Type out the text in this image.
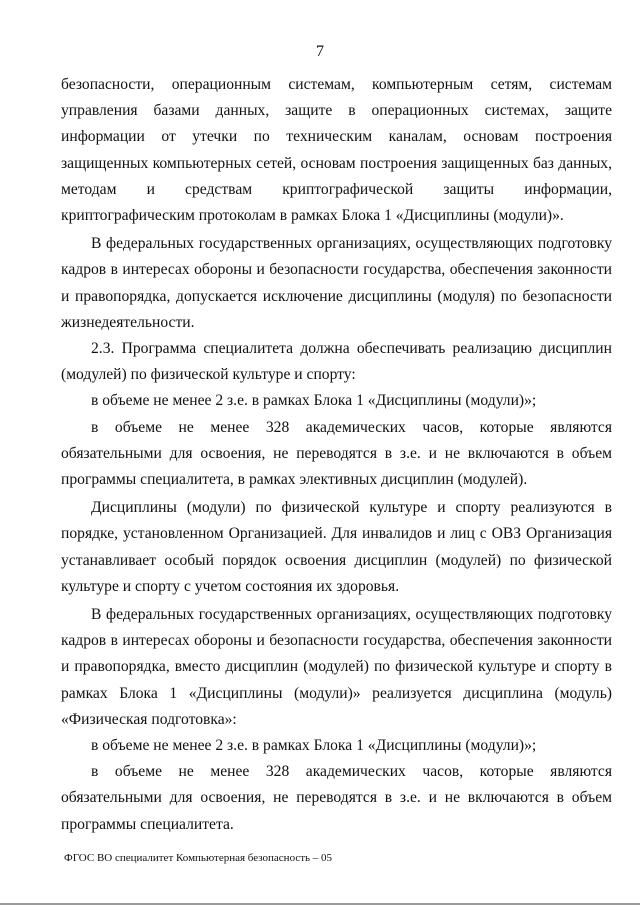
7

безопасности, операционным системам, компьютерным сетям, системам управления базами данных, защите в операционных системах, защите информации от утечки по техническим каналам, основам построения защищенных компьютерных сетей, основам построения защищенных баз данных, методам и средствам криптографической защиты информации, криптографическим протоколам в рамках Блока 1 «Дисциплины (модули)».

В федеральных государственных организациях, осуществляющих подготовку кадров в интересах обороны и безопасности государства, обеспечения законности и правопорядка, допускается исключение дисциплины (модуля) по безопасности жизнедеятельности.

2.3. Программа специалитета должна обеспечивать реализацию дисциплин (модулей) по физической культуре и спорту:

в объеме не менее 2 з.е. в рамках Блока 1 «Дисциплины (модули)»;

в объеме не менее 328 академических часов, которые являются обязательными для освоения, не переводятся в з.е. и не включаются в объем программы специалитета, в рамках элективных дисциплин (модулей).

Дисциплины (модули) по физической культуре и спорту реализуются в порядке, установленном Организацией. Для инвалидов и лиц с ОВЗ Организация устанавливает особый порядок освоения дисциплин (модулей) по физической культуре и спорту с учетом состояния их здоровья.

В федеральных государственных организациях, осуществляющих подготовку кадров в интересах обороны и безопасности государства, обеспечения законности и правопорядка, вместо дисциплин (модулей) по физической культуре и спорту в рамках Блока 1 «Дисциплины (модули)» реализуется дисциплина (модуль) «Физическая подготовка»:

в объеме не менее 2 з.е. в рамках Блока 1 «Дисциплины (модули)»;

в объеме не менее 328 академических часов, которые являются обязательными для освоения, не переводятся в з.е. и не включаются в объем программы специалитета.

ФГОС ВО специалитет Компьютерная безопасность – 05
